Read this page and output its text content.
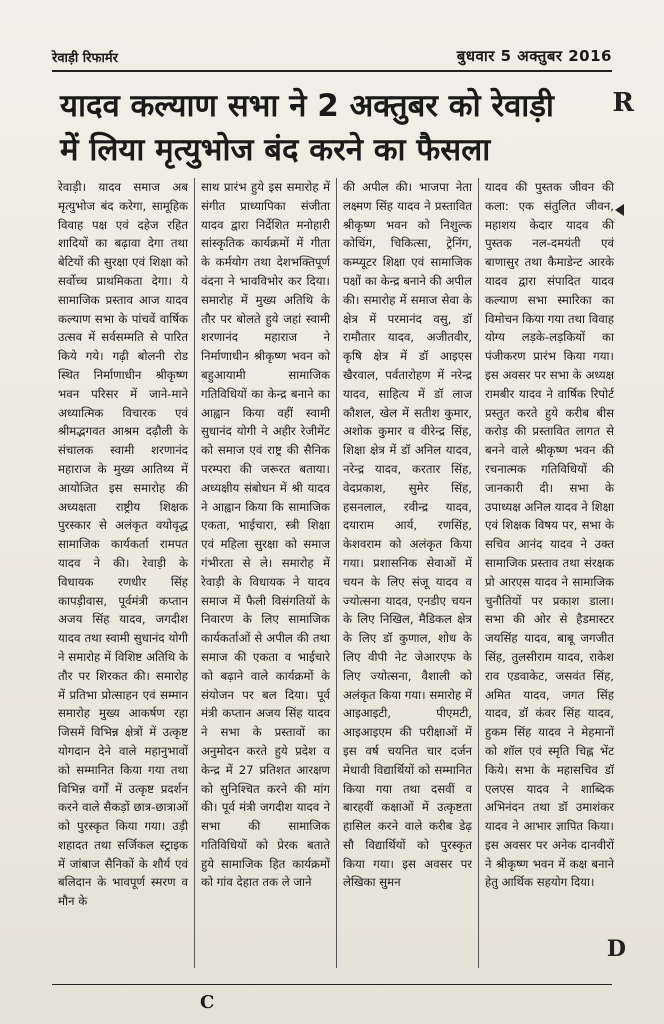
रेवाड़ी रिफार्मर	बुधवार 5 अक्तुबर 2016
यादव कल्याण सभा ने 2 अक्तुबर को रेवाड़ी में लिया मृत्युभोज बंद करने का फैसला
R
रेवाड़ी। यादव समाज अब मृत्युभोज बंद करेगा, सामूहिक विवाह पक्ष एवं दहेज रहित शादियों का बढ़ावा देगा तथा बेटियों की सुरक्षा एवं शिक्षा को सर्वोच्च प्राथमिकता देगा। ये सामाजिक प्रस्ताव आज यादव कल्याण सभा के पांचवें वार्षिक उत्सव में सर्वसम्मति से पारित किये गये। गढ़ी बोलनी रोड स्थित निर्माणाधीन श्रीकृष्ण भवन परिसर में जाने-माने अध्यात्मिक विचारक एवं श्रीमद्भगवत आश्रम दढ़ौली के संचालक स्वामी शरणानंद महाराज के मुख्य आतिथ्य में आयोजित इस समारोह की अध्यक्षता राष्ट्रीय शिक्षक पुरस्कार से अलंकृत वयोवृद्ध सामाजिक कार्यकर्ता रामपत यादव ने की। रेवाड़ी के विधायक रणधीर सिंह कापड़ीवास, पूर्वमंत्री कप्तान अजय सिंह यादव, जगदीश यादव तथा स्वामी सुधानंद योगी ने समारोह में विशिष्ट अतिथि के तौर पर शिरकत की। समारोह में प्रतिभा प्रोत्साहन एवं सम्मान समारोह मुख्य आकर्षण रहा जिसमें विभिन्न क्षेत्रों में उत्कृष्ट योगदान देने वाले महानुभावों को सम्मानित किया गया तथा विभिन्न वर्गों में उत्कृष्ट प्रदर्शन करने वाले सैकड़ों छात्र-छात्राओं को पुरस्कृत किया गया। उड़ी शहादत तथा सर्जिकल स्ट्राइक में जांबाज सैनिकों के शौर्य एवं बलिदान के भावपूर्ण स्मरण व मौन के
साथ प्रारंभ हुये इस समारोह में संगीत प्राध्यापिका संजीता यादव द्वारा निर्देशित मनोहारी सांस्कृतिक कार्यक्रमों में गीता के कर्मयोग तथा देशभक्तिपूर्ण वंदना ने भावविभोर कर दिया। समारोह में मुख्य अतिथि के तौर पर बोलते हुये जहां स्वामी शरणानंद महाराज ने निर्माणाधीन श्रीकृष्ण भवन को बहुआयामी सामाजिक गतिविधियों का केन्द्र बनाने का आह्वान किया वहीं स्वामी सुधानंद योगी ने अहीर रेजीमेंट को समाज एवं राष्ट्र की सैनिक परम्परा की जरूरत बताया। अध्यक्षीय संबोधन में श्री यादव ने आह्वान किया कि सामाजिक एकता, भाईचारा, स्त्री शिक्षा एवं महिला सुरक्षा को समाज गंभीरता से ले। समारोह में रेवाड़ी के विधायक ने यादव समाज में फैली विसंगतियों के निवारण के लिए सामाजिक कार्यकर्ताओं से अपील की तथा समाज की एकता व भाईचारे को बढ़ाने वाले कार्यक्रमों के संयोजन पर बल दिया। पूर्व मंत्री कप्तान अजय सिंह यादव ने सभा के प्रस्तावों का अनुमोदन करते हुये प्रदेश व केन्द्र में 27 प्रतिशत आरक्षण को सुनिश्चित करने की मांग की। पूर्व मंत्री जगदीश यादव ने सभा की सामाजिक गतिविधियों को प्रेरक बताते हुये सामाजिक हित कार्यक्रमों को गांव देहात तक ले जाने
की अपील की। भाजपा नेता लक्ष्मण सिंह यादव ने प्रस्तावित श्रीकृष्ण भवन को निशुल्क कोचिंग, चिकित्सा, ट्रेनिंग, कम्प्यूटर शिक्षा एवं सामाजिक पक्षों का केन्द्र बनाने की अपील की। समारोह में समाज सेवा के क्षेत्र में परमानंद वसु, डॉ रामौतार यादव, अजीतवीर, कृषि क्षेत्र में डॉ आइएस खैरवाल, पर्वतारोहण में नरेन्द्र यादव, साहित्य में डॉ लाज कौशल, खेल में सतीश कुमार, अशोक कुमार व वीरेन्द्र सिंह, शिक्षा क्षेत्र में डॉ अनिल यादव, नरेन्द्र यादव, करतार सिंह, वेदप्रकाश, सुमेर सिंह, हसनलाल, रवीन्द्र यादव, दयाराम आर्य, रणसिंह, केशवराम को अलंकृत किया गया। प्रशासनिक सेवाओं में चयन के लिए संजू यादव व ज्योत्सना यादव, एनडीए चयन के लिए निखिल, मैडिकल क्षेत्र के लिए डॉ कुणाल, शोध के लिए वीपी नेट जेआरएफ के लिए ज्योत्सना, वैशाली को अलंकृत किया गया। समारोह में आइआइटी, पीएमटी, आइआइएम की परीक्षाओं में इस वर्ष चयनित चार दर्जन मेधावी विद्यार्थियों को सम्मानित किया गया तथा दसवीं व बारहवीं कक्षाओं में उत्कृष्टता हासिल करने वाले करीब डेढ़ सौ विद्यार्थियों को पुरस्कृत किया गया। इस अवसर पर लेखिका सुमन
यादव की पुस्तक जीवन की कला: एक संतुलित जीवन, महाशय केदार यादव की पुस्तक नल-दमयंती एवं बाणासुर तथा कैमाडेन्ट आरके यादव द्वारा संपादित यादव कल्याण सभा स्मारिका का विमोचन किया गया तथा विवाह योग्य लड़के-लड़कियों का पंजीकरण प्रारंभ किया गया। इस अवसर पर सभा के अध्यक्ष रामबीर यादव ने वार्षिक रिपोर्ट प्रस्तुत करते हुये करीब बीस करोड़ की प्रस्तावित लागत से बनने वाले श्रीकृष्ण भवन की रचनात्मक गतिविधियों की जानकारी दी। सभा के उपाध्यक्ष अनिल यादव ने शिक्षा एवं शिक्षक विषय पर, सभा के सचिव आनंद यादव ने उक्त सामाजिक प्रस्ताव तथा संरक्षक प्रो आरएस यादव ने सामाजिक चुनौतियों पर प्रकाश डाला। सभा की ओर से हैडमास्टर जयसिंह यादव, बाबू जगजीत सिंह, तुलसीराम यादव, राकेश राव एडवाकेट, जसवंत सिंह, अमित यादव, जगत सिंह यादव, डॉ कंवर सिंह यादव, हुकम सिंह यादव ने मेहमानों को शॉल एवं स्मृति चिह्न भेंट किये। सभा के महासचिव डॉ एलएस यादव ने शाब्दिक अभिनंदन तथा डॉ उमाशंकर यादव ने आभार ज्ञापित किया। इस अवसर पर अनेक दानवीरों ने श्रीकृष्ण भवन में कक्ष बनाने हेतु आर्थिक सहयोग दिया।
D
C
